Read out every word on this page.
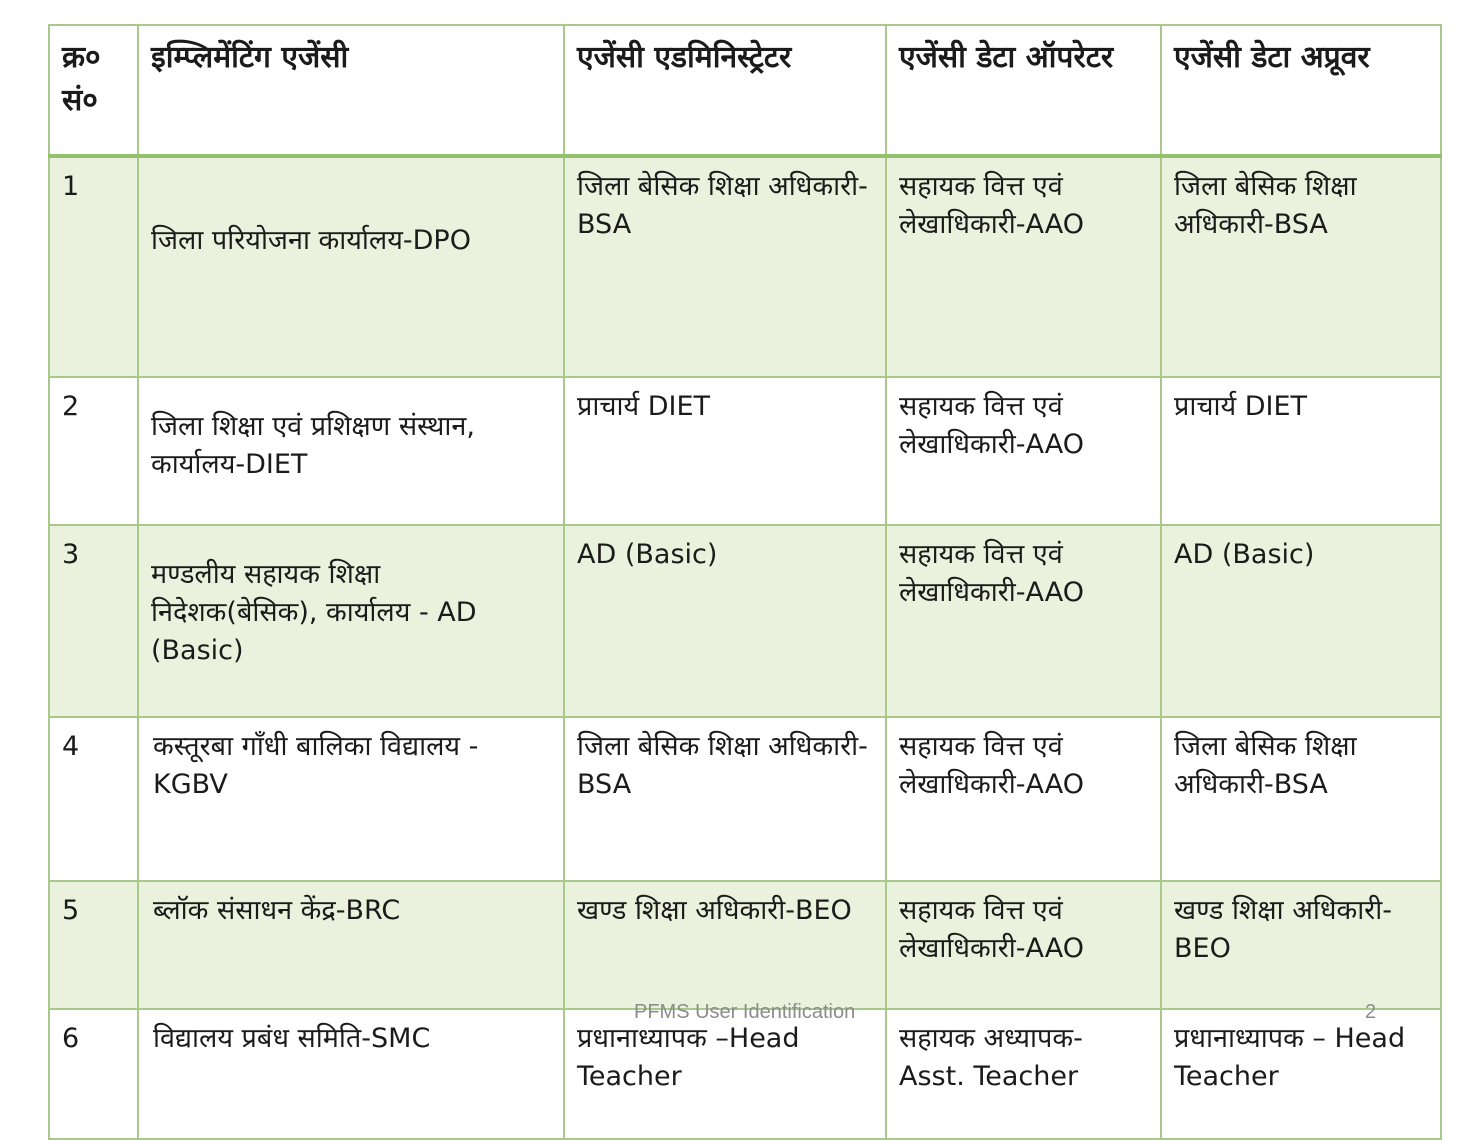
क्र० सं०	इम्प्लिमेंटिंग एजेंसी	एजेंसी एडमिनिस्ट्रेटर	एजेंसी डेटा ऑपरेटर	एजेंसी डेटा अप्रूवर
1	जिला परियोजना कार्यालय-DPO	जिला बेसिक शिक्षा अधिकारी-BSA	सहायक वित्त एवं लेखाधिकारी-AAO	जिला बेसिक शिक्षा अधिकारी-BSA
2	जिला शिक्षा एवं प्रशिक्षण संस्थान, कार्यालय-DIET	प्राचार्य DIET	सहायक वित्त एवं लेखाधिकारी-AAO	प्राचार्य DIET
3	मण्डलीय सहायक शिक्षा निदेशक(बेसिक), कार्यालय - AD (Basic)	AD (Basic)	सहायक वित्त एवं लेखाधिकारी-AAO	AD (Basic)
4	कस्तूरबा गाँधी बालिका विद्यालय -KGBV	जिला बेसिक शिक्षा अधिकारी-BSA	सहायक वित्त एवं लेखाधिकारी-AAO	जिला बेसिक शिक्षा अधिकारी-BSA
5	ब्लॉक संसाधन केंद्र-BRC	खण्ड शिक्षा अधिकारी-BEO	सहायक वित्त एवं लेखाधिकारी-AAO	खण्ड शिक्षा अधिकारी-BEO
6	विद्यालय प्रबंध समिति-SMC	प्रधानाध्यापक –Head Teacher	सहायक अध्यापक-Asst. Teacher	प्रधानाध्यापक – Head Teacher
PFMS User Identification	2
